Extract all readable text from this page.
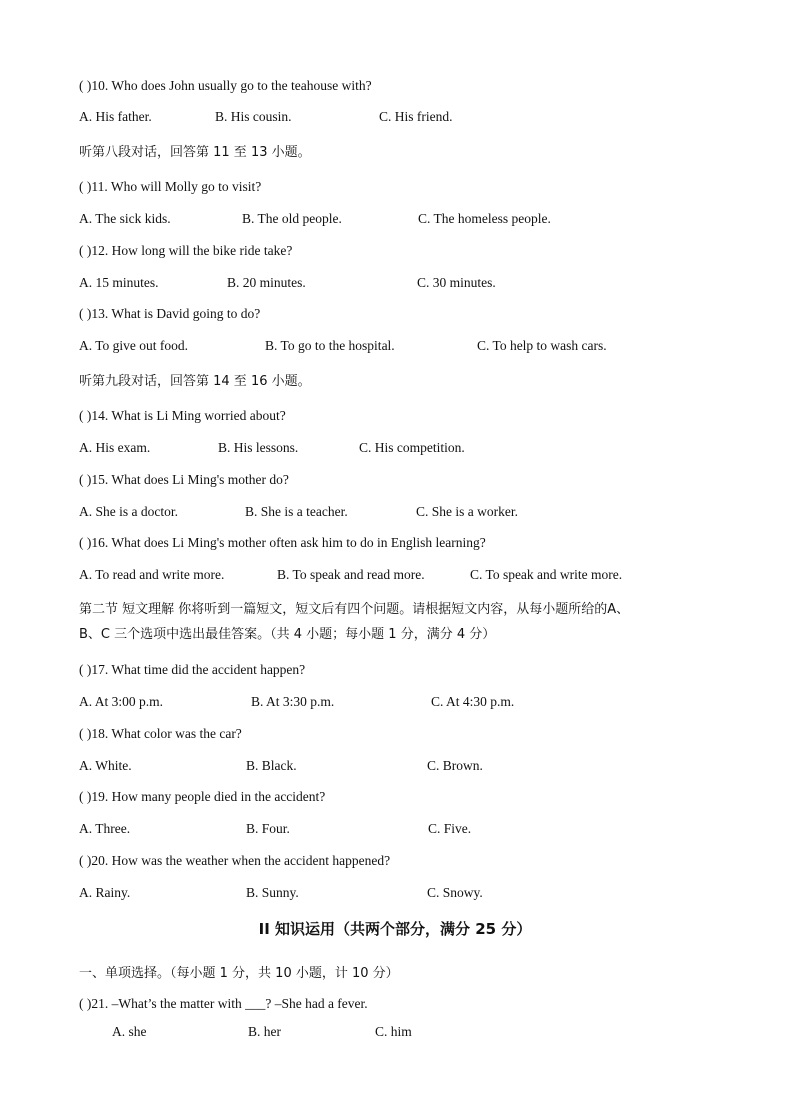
( )10. Who does John usually go to the teahouse with?
A. His father.	B. His cousin.	C. His friend.
听第八段对话，回答第 11 至 13 小题。
( )11. Who will Molly go to visit?
A. The sick kids.	B. The old people.	C. The homeless people.
( )12. How long will the bike ride take?
A. 15 minutes.	B. 20 minutes.	C. 30 minutes.
( )13. What is David going to do?
A. To give out food.	B. To go to the hospital.	C. To help to wash cars.
听第九段对话，回答第 14 至 16 小题。
( )14. What is Li Ming worried about?
A. His exam.	B. His lessons.	C. His competition.
( )15. What does Li Ming's mother do?
A. She is a doctor.	B. She is a teacher.	C. She is a worker.
( )16. What does Li Ming's mother often ask him to do in English learning?
A. To read and write more.	B. To speak and read more.	C. To speak and write more.
第二节 短文理解 你将听到一篇短文，短文后有四个问题。请根据短文内容，从每小题所给的A、
B、C 三个选项中选出最佳答案。（共 4 小题；每小题 1 分，满分 4 分）
( )17. What time did the accident happen?
A. At 3:00 p.m.	B. At 3:30 p.m.	C. At 4:30 p.m.
( )18. What color was the car?
A. White.	B. Black.	C. Brown.
( )19. How many people died in the accident?
A. Three.	B. Four.	C. Five.
( )20. How was the weather when the accident happened?
A. Rainy.	B. Sunny.	C. Snowy.
II 知识运用（共两个部分，满分 25 分）
一、单项选择。（每小题 1 分，共 10 小题，计 10 分）
( )21. –What’s the matter with ___? –She had a fever.
A. she	B. her	C. him
